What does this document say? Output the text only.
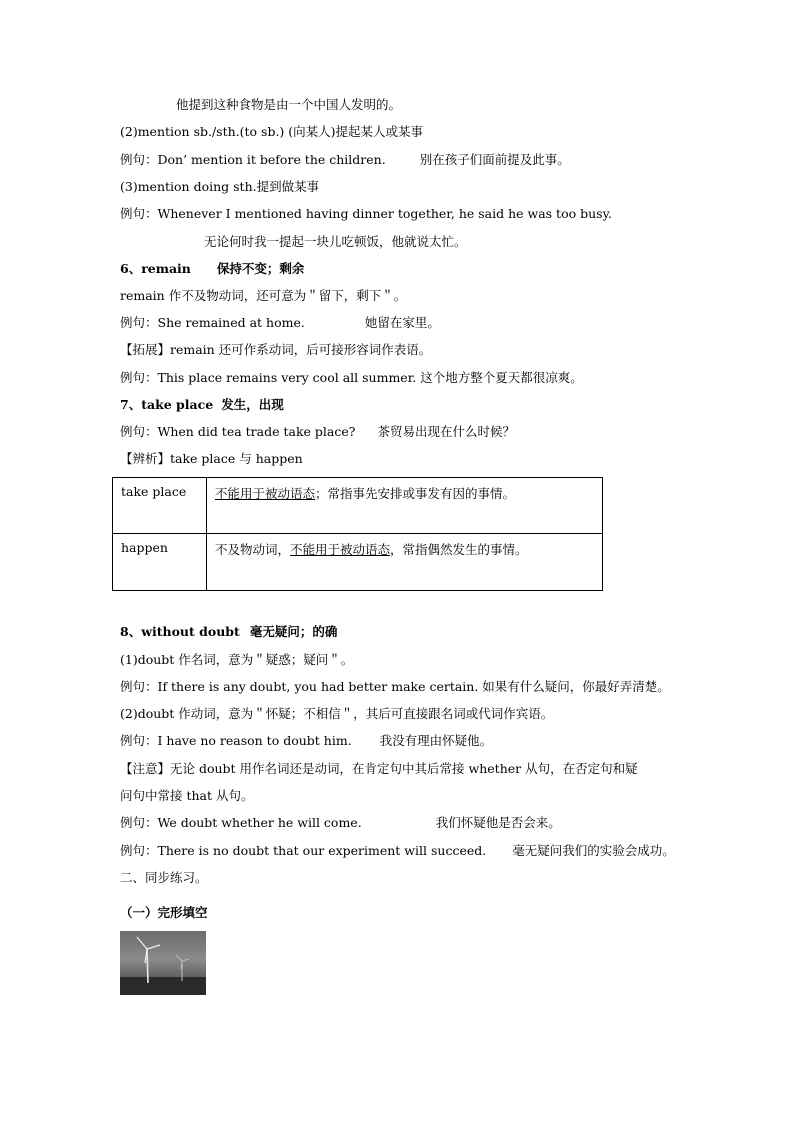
他提到这种食物是由一个中国人发明的。
(2)mention sb./sth.(to sb.) (向某人)提起某人或某事
例句：Don’ mention it before the children.	别在孩子们面前提及此事。
(3)mention doing sth.提到做某事
例句：Whenever I mentioned having dinner together, he said he was too busy.
无论何时我一提起一块儿吃顿饭，他就说太忙。
6、remain 保持不变；剩余
remain 作不及物动词，还可意为＂留下，剩下＂。
例句：She remained at home.	她留在家里。
【拓展】remain 还可作系动词，后可接形容词作表语。
例句：This place remains very cool all summer. 这个地方整个夏天都很凉爽。
7、take place 发生，出现
例句：When did tea trade take place? 茶贸易出现在什么时候？
【辨析】take place 与 happen
take place	不能用于被动语态；常指事先安排或事发有因的事情。
happen	不及物动词，不能用于被动语态，常指偶然发生的事情。
8、without doubt 毫无疑问；的确
(1)doubt 作名词，意为＂疑惑；疑问＂。
例句：If there is any doubt, you had better make certain. 如果有什么疑问，你最好弄清楚。
(2)doubt 作动词，意为＂怀疑；不相信＂，其后可直接跟名词或代词作宾语。
例句：I have no reason to doubt him. 我没有理由怀疑他。
【注意】无论 doubt 用作名词还是动词，在肯定句中其后常接 whether 从句，在否定句和疑
问句中常接 that 从句。
例句：We doubt whether he will come.	我们怀疑他是否会来。
例句：There is no doubt that our experiment will succeed. 毫无疑问我们的实验会成功。
二、同步练习。
（一）完形填空
